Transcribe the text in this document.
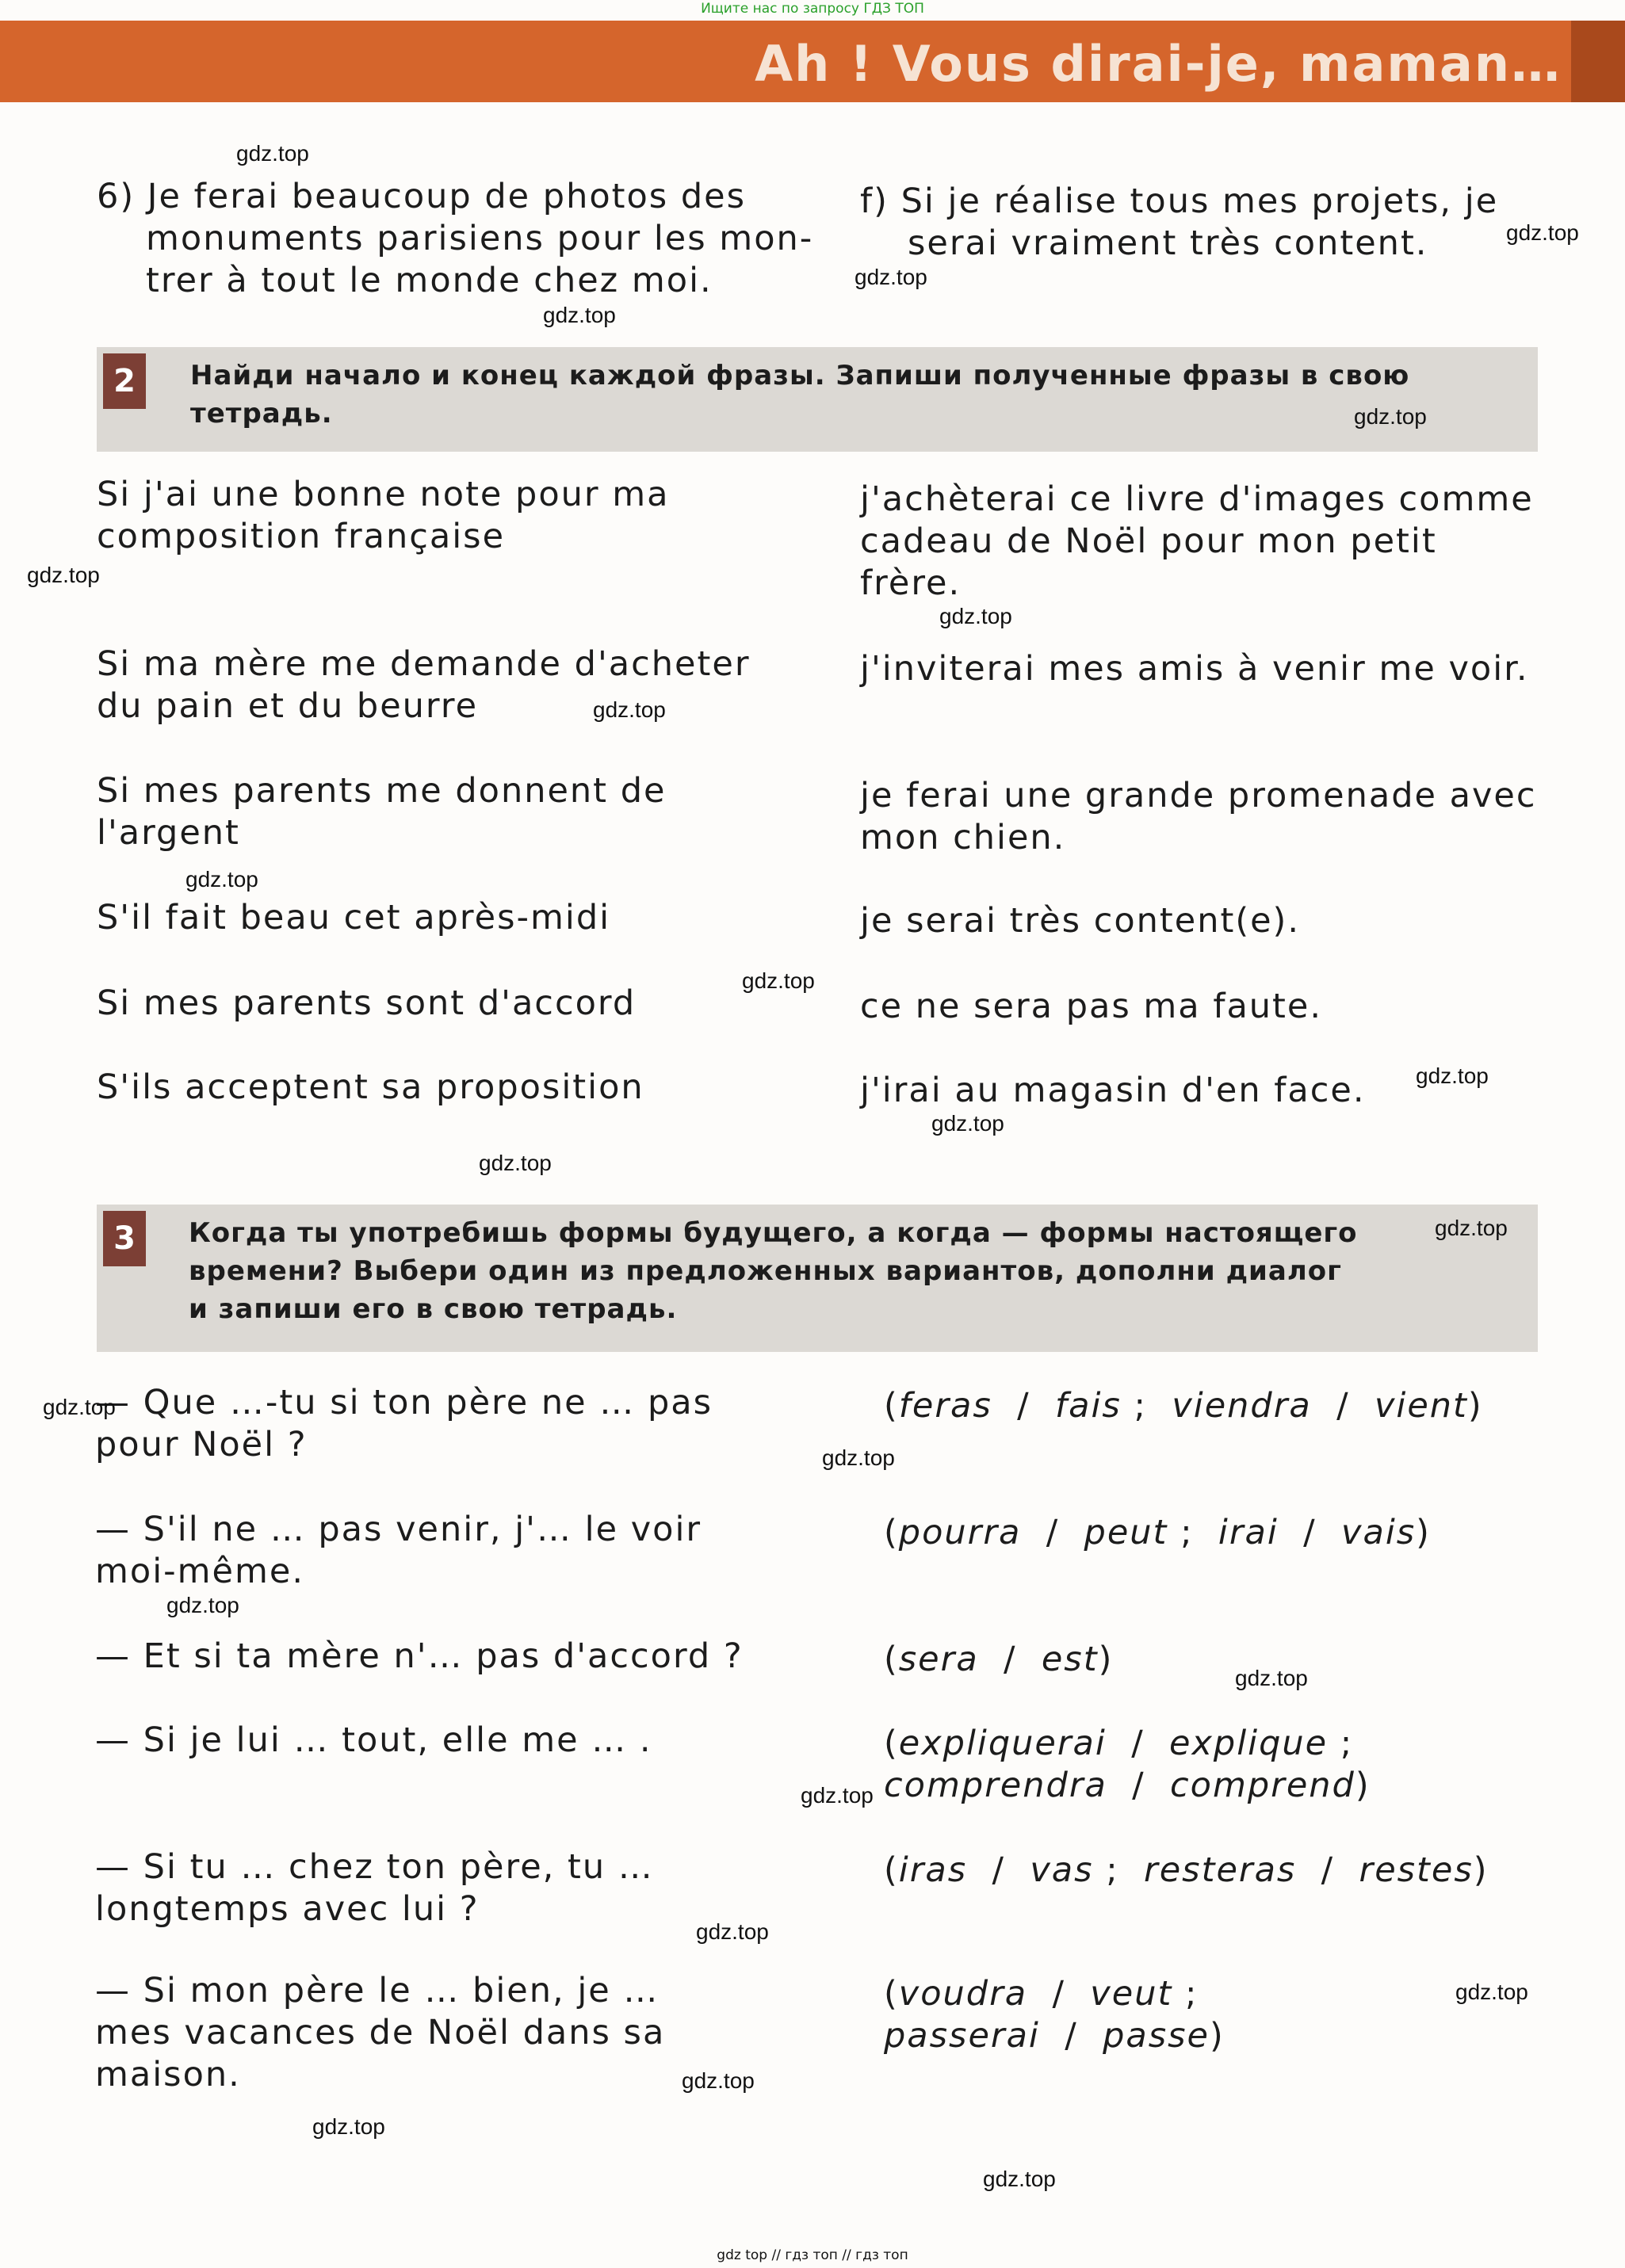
Ищите нас по запросу ГДЗ ТОП
Ah ! Vous dirai-je, maman…
6) Je ferai beaucoup de photos des
monuments parisiens pour les mon-
trer à tout le monde chez moi.
f) Si je réalise tous mes projets, je
serai vraiment très content.
2	Найди начало и конец каждой фразы. Запиши полученные фразы в свою
тетрадь.
Si j'ai une bonne note pour ma
composition française
Si ma mère me demande d'acheter
du pain et du beurre
Si mes parents me donnent de
l'argent
S'il fait beau cet après-midi
Si mes parents sont d'accord
S'ils acceptent sa proposition
j'achèterai ce livre d'images comme
cadeau de Noël pour mon petit
frère.
j'inviterai mes amis à venir me voir.
je ferai une grande promenade avec
mon chien.
je serai très content(e).
ce ne sera pas ma faute.
j'irai au magasin d'en face.
3	Когда ты употребишь формы будущего, а когда — формы настоящего
времени? Выбери один из предложенных вариантов, дополни диалог
и запиши его в свою тетрадь.
— Que …-tu si ton père ne … pas
pour Noël ?
— S'il ne … pas venir, j'… le voir
moi-même.
— Et si ta mère n'… pas d'accord ?
— Si je lui … tout, elle me … .
— Si tu … chez ton père, tu …
longtemps avec lui ?
— Si mon père le … bien, je …
mes vacances de Noël dans sa
maison.
(feras  /  fais ;  viendra  /  vient)
(pourra  /  peut ;  irai  /  vais)
(sera  /  est)
(expliquerai  /  explique ;
comprendra  /  comprend)
(iras  /  vas ;  resteras  /  restes)
(voudra  /  veut ;
passerai  /  passe)
gdz.top
gdz.top
gdz.top
gdz.top
gdz.top
gdz.top
gdz.top
gdz.top
gdz.top
gdz.top
gdz.top
gdz.top
gdz.top
gdz.top
gdz.top
gdz.top
gdz.top
gdz.top
gdz.top
gdz.top
gdz.top
gdz.top
gdz.top
gdz.top
gdz top // гдз топ // гдз топ
